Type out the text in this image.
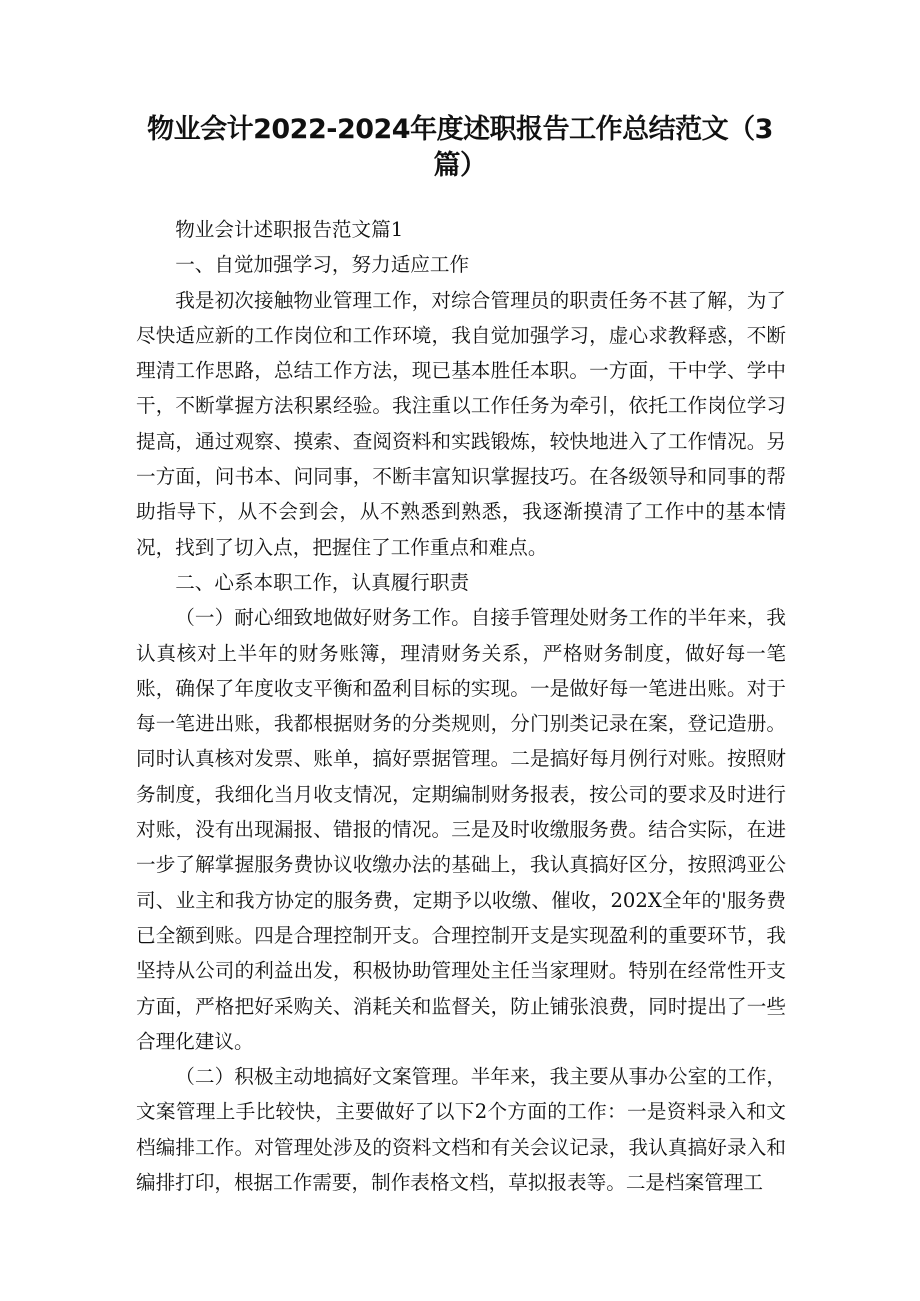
物业会计2022-2024年度述职报告工作总结范文（3篇）

物业会计述职报告范文篇1

一、自觉加强学习，努力适应工作

我是初次接触物业管理工作，对综合管理员的职责任务不甚了解，为了尽快适应新的工作岗位和工作环境，我自觉加强学习，虚心求教释惑，不断理清工作思路，总结工作方法，现已基本胜任本职。一方面，干中学、学中干，不断掌握方法积累经验。我注重以工作任务为牵引，依托工作岗位学习提高，通过观察、摸索、查阅资料和实践锻炼，较快地进入了工作情况。另一方面，问书本、问同事，不断丰富知识掌握技巧。在各级领导和同事的帮助指导下，从不会到会，从不熟悉到熟悉，我逐渐摸清了工作中的基本情况，找到了切入点，把握住了工作重点和难点。

二、心系本职工作，认真履行职责

（一）耐心细致地做好财务工作。自接手管理处财务工作的半年来，我认真核对上半年的财务账簿，理清财务关系，严格财务制度，做好每一笔账，确保了年度收支平衡和盈利目标的实现。一是做好每一笔进出账。对于每一笔进出账，我都根据财务的分类规则，分门别类记录在案，登记造册。同时认真核对发票、账单，搞好票据管理。二是搞好每月例行对账。按照财务制度，我细化当月收支情况，定期编制财务报表，按公司的要求及时进行对账，没有出现漏报、错报的情况。三是及时收缴服务费。结合实际，在进一步了解掌握服务费协议收缴办法的基础上，我认真搞好区分，按照鸿亚公司、业主和我方协定的服务费，定期予以收缴、催收，202X全年的'服务费已全额到账。四是合理控制开支。合理控制开支是实现盈利的重要环节，我坚持从公司的利益出发，积极协助管理处主任当家理财。特别在经常性开支方面，严格把好采购关、消耗关和监督关，防止铺张浪费，同时提出了一些合理化建议。

（二）积极主动地搞好文案管理。半年来，我主要从事办公室的工作，文案管理上手比较快，主要做好了以下2个方面的工作：一是资料录入和文档编排工作。对管理处涉及的资料文档和有关会议记录，我认真搞好录入和编排打印，根据工作需要，制作表格文档，草拟报表等。二是档案管理工
